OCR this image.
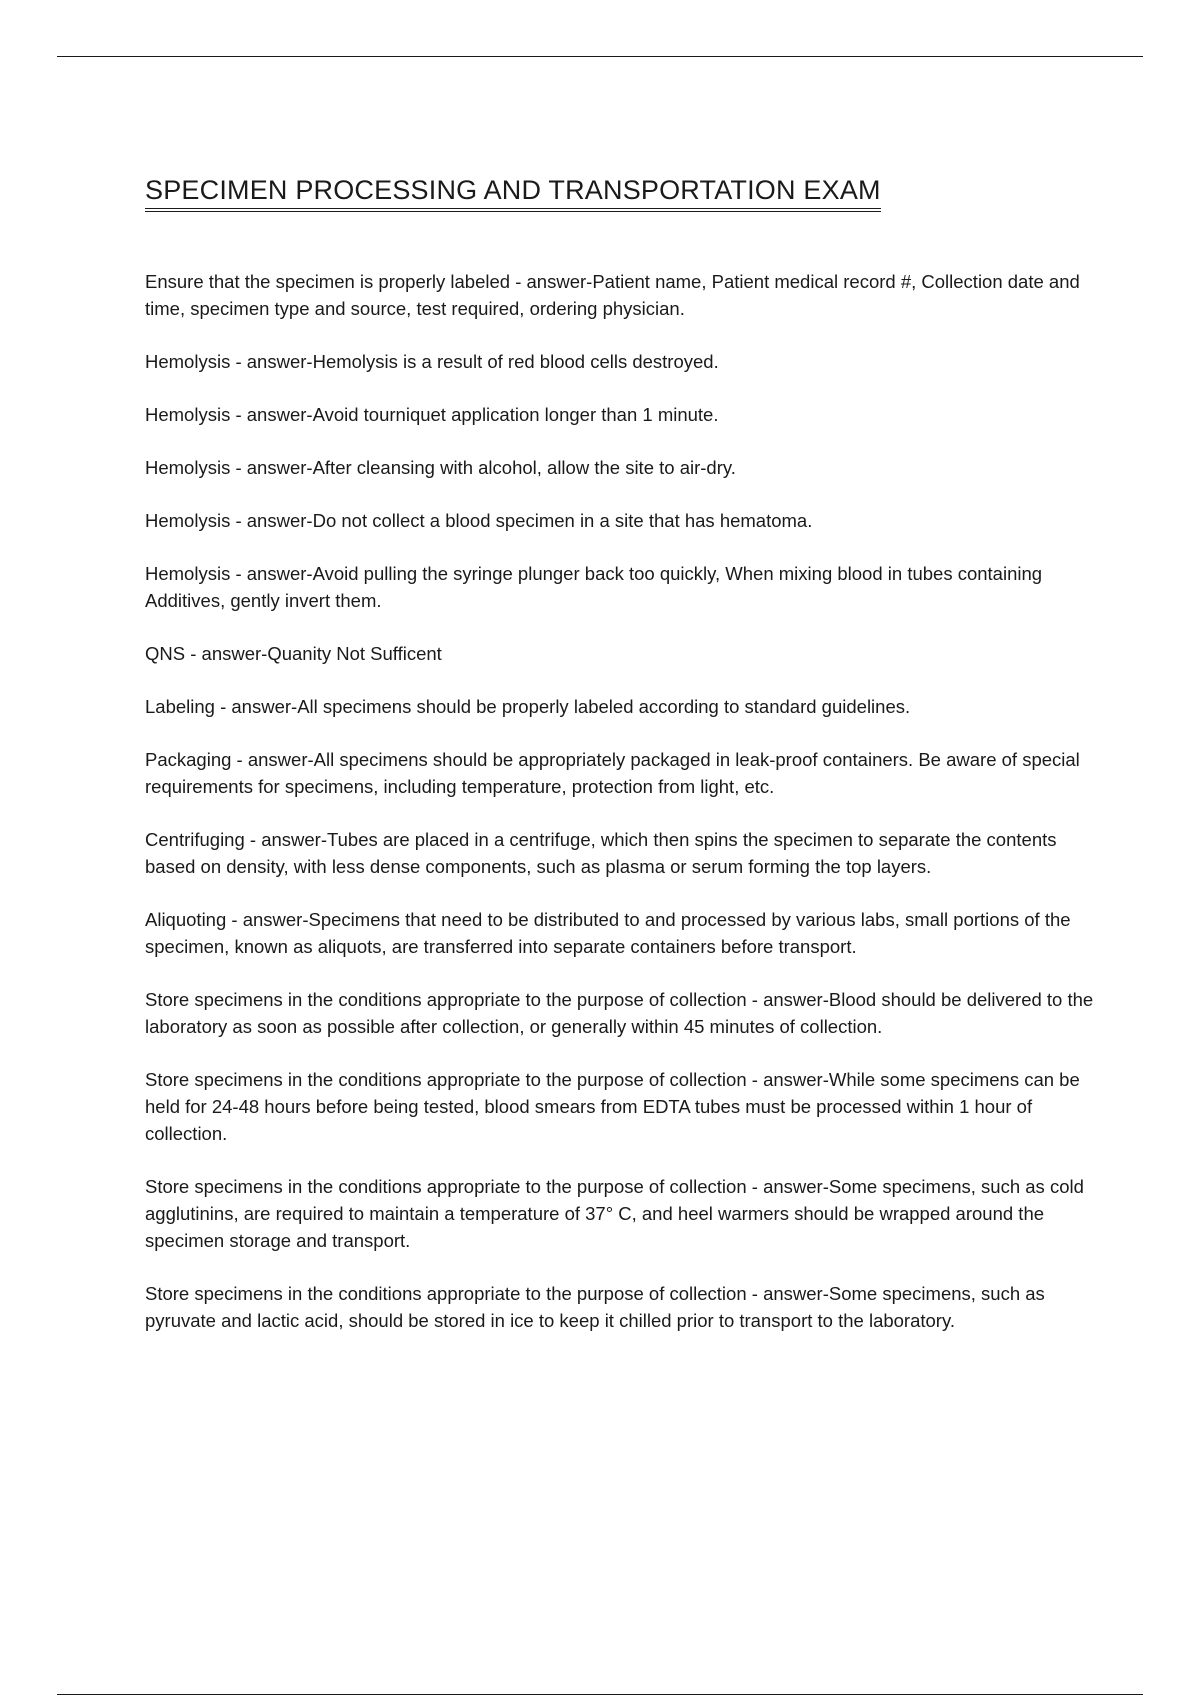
SPECIMEN PROCESSING AND TRANSPORTATION EXAM

Ensure that the specimen is properly labeled - answer-Patient name, Patient medical record #, Collection date and time, specimen type and source, test required, ordering physician.

Hemolysis - answer-Hemolysis is a result of red blood cells destroyed.

Hemolysis - answer-Avoid tourniquet application longer than 1 minute.

Hemolysis - answer-After cleansing with alcohol, allow the site to air-dry.

Hemolysis - answer-Do not collect a blood specimen in a site that has hematoma.

Hemolysis - answer-Avoid pulling the syringe plunger back too quickly, When mixing blood in tubes containing Additives, gently invert them.

QNS - answer-Quanity Not Sufficent

Labeling - answer-All specimens should be properly labeled according to standard guidelines.

Packaging - answer-All specimens should be appropriately packaged in leak-proof containers. Be aware of special requirements for specimens, including temperature, protection from light, etc.

Centrifuging - answer-Tubes are placed in a centrifuge, which then spins the specimen to separate the contents based on density, with less dense components, such as plasma or serum forming the top layers.

Aliquoting - answer-Specimens that need to be distributed to and processed by various labs, small portions of the specimen, known as aliquots, are transferred into separate containers before transport.

Store specimens in the conditions appropriate to the purpose of collection - answer-Blood should be delivered to the laboratory as soon as possible after collection, or generally within 45 minutes of collection.

Store specimens in the conditions appropriate to the purpose of collection - answer-While some specimens can be held for 24-48 hours before being tested, blood smears from EDTA tubes must be processed within 1 hour of collection.

Store specimens in the conditions appropriate to the purpose of collection - answer-Some specimens, such as cold agglutinins, are required to maintain a temperature of 37° C, and heel warmers should be wrapped around the specimen storage and transport.

Store specimens in the conditions appropriate to the purpose of collection - answer-Some specimens, such as pyruvate and lactic acid, should be stored in ice to keep it chilled prior to transport to the laboratory.
